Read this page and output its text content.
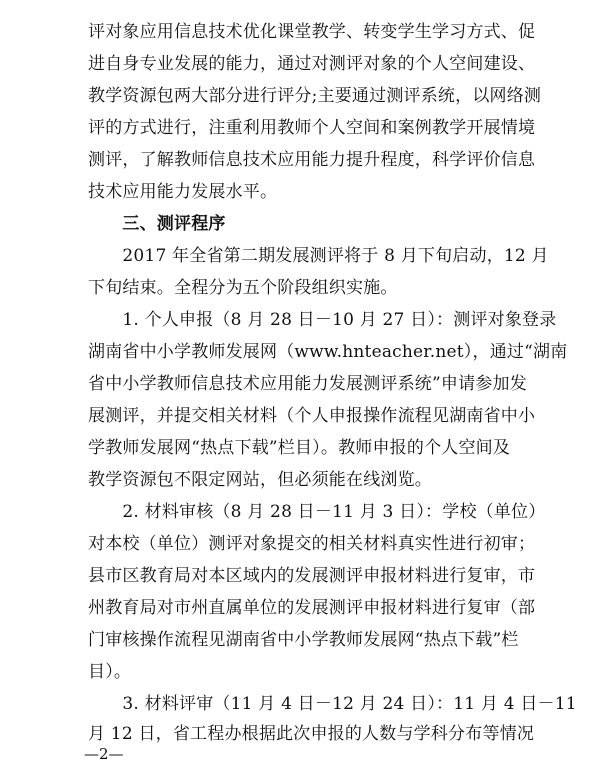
评对象应用信息技术优化课堂教学、转变学生学习方式、促
进自身专业发展的能力，通过对测评对象的个人空间建设、
教学资源包两大部分进行评分;主要通过测评系统，以网络测
评的方式进行，注重利用教师个人空间和案例教学开展情境
测评，了解教师信息技术应用能力提升程度，科学评价信息
技术应用能力发展水平。
　　三、测评程序
　　2017 年全省第二期发展测评将于 8 月下旬启动，12 月
下旬结束。全程分为五个阶段组织实施。
　　1. 个人申报（8 月 28 日－10 月 27 日）：测评对象登录
湖南省中小学教师发展网（www.hnteacher.net），通过“湖南
省中小学教师信息技术应用能力发展测评系统”申请参加发
展测评，并提交相关材料（个人申报操作流程见湖南省中小
学教师发展网“热点下载”栏目）。教师申报的个人空间及
教学资源包不限定网站，但必须能在线浏览。
　　2. 材料审核（8 月 28 日－11 月 3 日）：学校（单位）
对本校（单位）测评对象提交的相关材料真实性进行初审；
县市区教育局对本区域内的发展测评申报材料进行复审，市
州教育局对市州直属单位的发展测评申报材料进行复审（部
门审核操作流程见湖南省中小学教师发展网“热点下载”栏
目）。
　　3. 材料评审（11 月 4 日－12 月 24 日）：11 月 4 日－11
月 12 日，省工程办根据此次申报的人数与学科分布等情况
—2—
